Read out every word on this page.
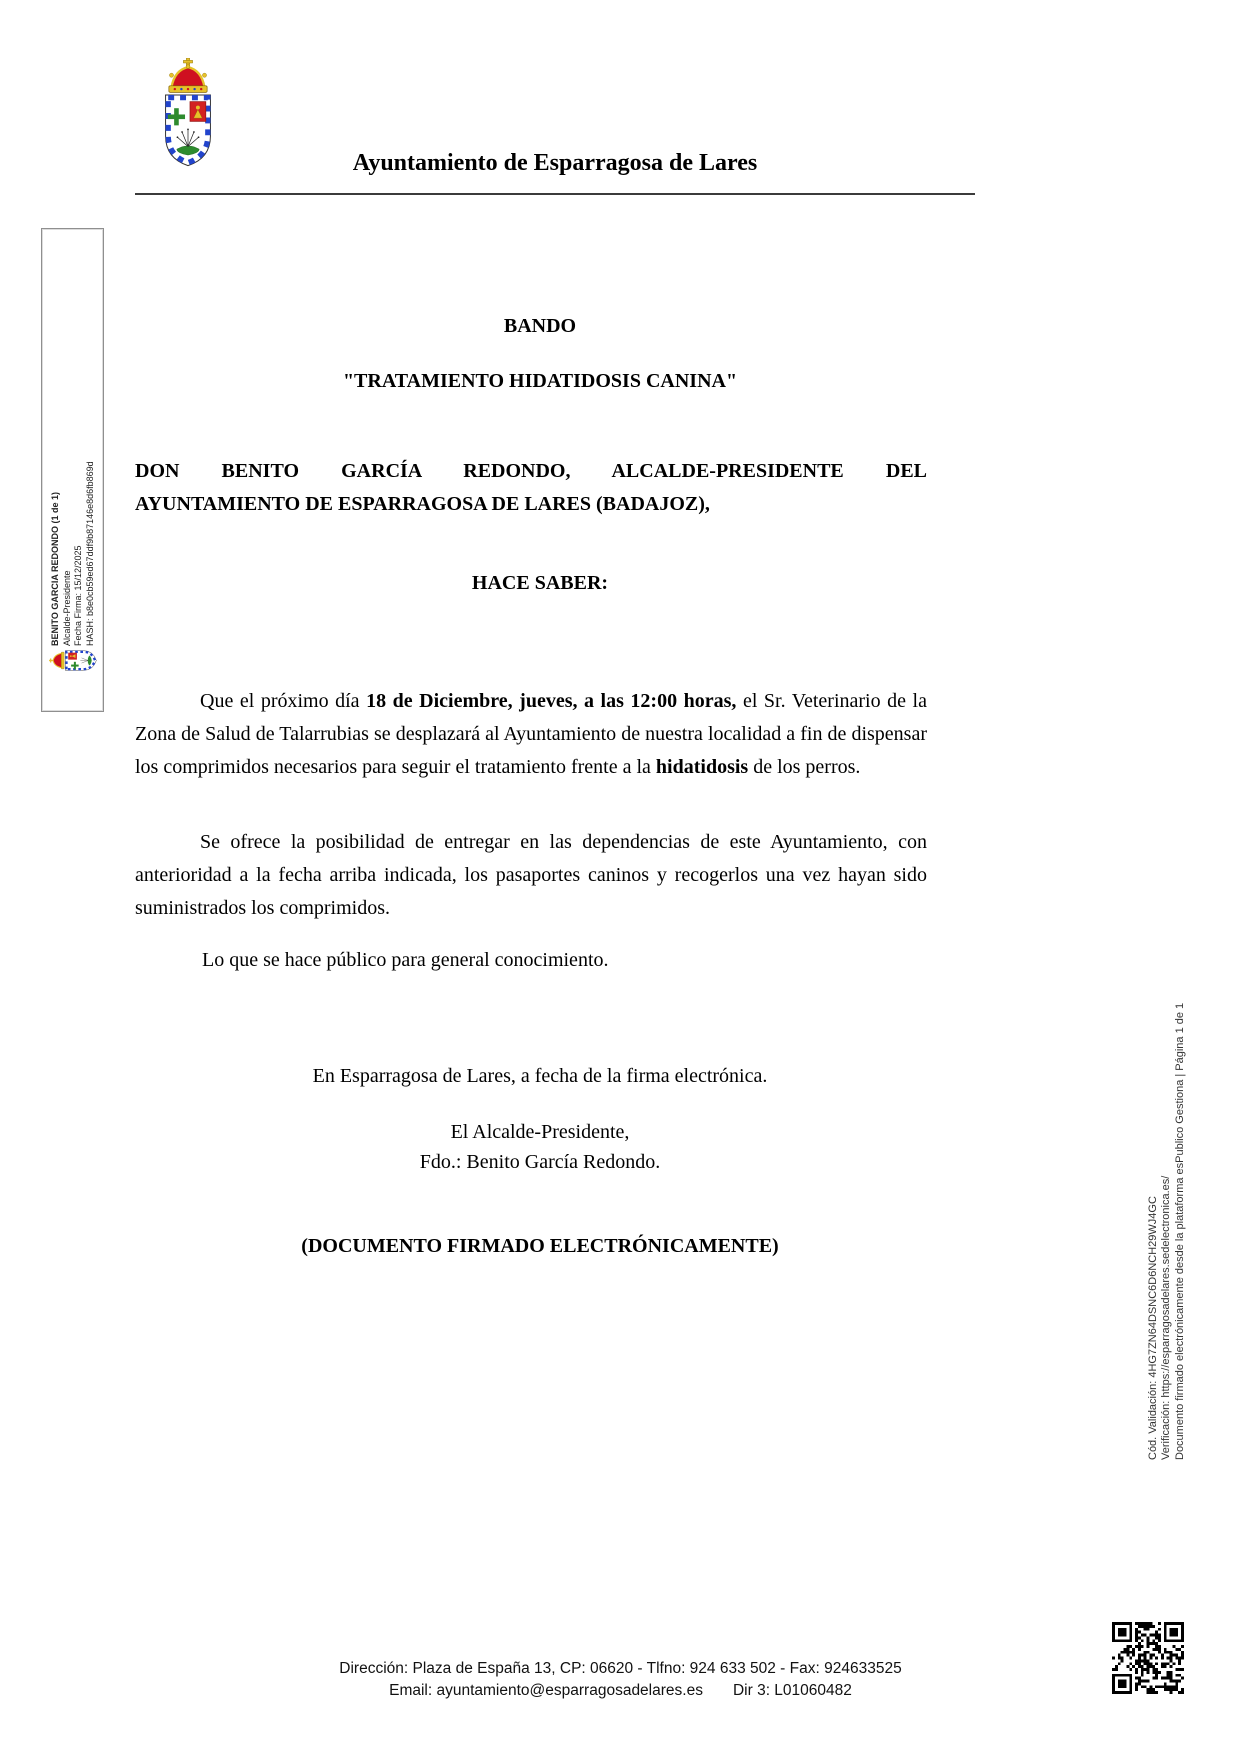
Ayuntamiento de Esparragosa de Lares
BENITO GARCIA REDONDO (1 de 1) Alcalde-Presidente Fecha Firma: 15/12/2025 HASH: b8e0cb59ed67ddf9b87146e8d6fb869d
BANDO
"TRATAMIENTO HIDATIDOSIS CANINA"
DON BENITO GARCÍA REDONDO, ALCALDE-PRESIDENTE DEL
AYUNTAMIENTO DE ESPARRAGOSA DE LARES (BADAJOZ),
HACE SABER:
Que el próximo día 18 de Diciembre, jueves, a las 12:00 horas, el Sr. Veterinario de la Zona de Salud de Talarrubias se desplazará al Ayuntamiento de nuestra localidad a fin de dispensar los comprimidos necesarios para seguir el tratamiento frente a la hidatidosis de los perros.
Se ofrece la posibilidad de entregar en las dependencias de este Ayuntamiento, con anterioridad a la fecha arriba indicada, los pasaportes caninos y recogerlos una vez hayan sido suministrados los comprimidos.
Lo que se hace público para general conocimiento.
En Esparragosa de Lares, a fecha de la firma electrónica.
El Alcalde-Presidente,
Fdo.: Benito García Redondo.
(DOCUMENTO FIRMADO ELECTRÓNICAMENTE)	Cód. Validación: 4HG7ZN64DSNC6D6NCH29WJ4GC Verificación: https://esparragosadelares.sedelectronica.es/ Documento firmado electrónicamente desde la plataforma esPublico Gestiona | Página 1 de 1
Dirección: Plaza de España 13, CP: 06620 - Tlfno: 924 633 502 - Fax: 924633525
Email: ayuntamiento@esparragosadelares.es Dir 3: L01060482
